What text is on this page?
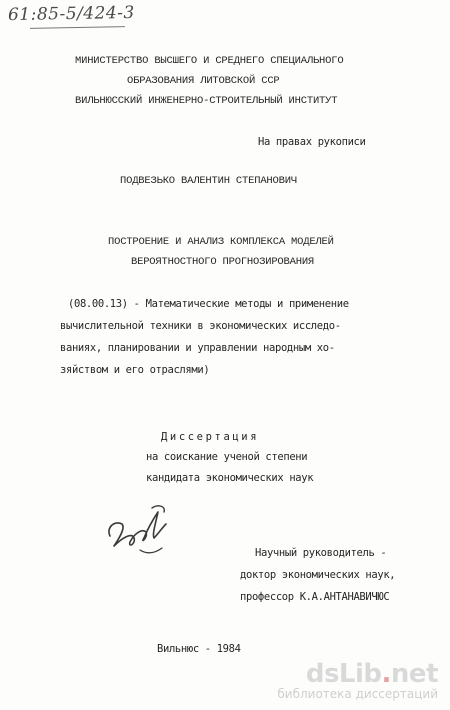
61:85-5/424-3
МИНИСТЕРСТВО ВЫСШЕГО И СРЕДНЕГО СПЕЦИАЛЬНОГО
ОБРАЗОВАНИЯ ЛИТОВСКОЙ ССР
ВИЛЬНЮССКИЙ ИНЖЕНЕРНО-СТРОИТЕЛЬНЫЙ ИНСТИТУТ
На правах рукописи
ПОДВЕЗЬКО ВАЛЕНТИН СТЕПАНОВИЧ
ПОСТРОЕНИЕ И АНАЛИЗ КОМПЛЕКСА МОДЕЛЕЙ
ВЕРОЯТНОСТНОГО ПРОГНОЗИРОВАНИЯ
(08.00.13) - Математические методы и применение
вычислительной техники в экономических исследо-
ваниях, планировании и управлении народным хо-
зяйством и его отраслями)
Диссертация
на соискание ученой степени
кандидата экономических наук
Научный руководитель -
доктор экономических наук,
профессор К.А.АНТАНАВИЧЮС
Вильнюс - 1984
dsLib.net
библиотека диссертаций
